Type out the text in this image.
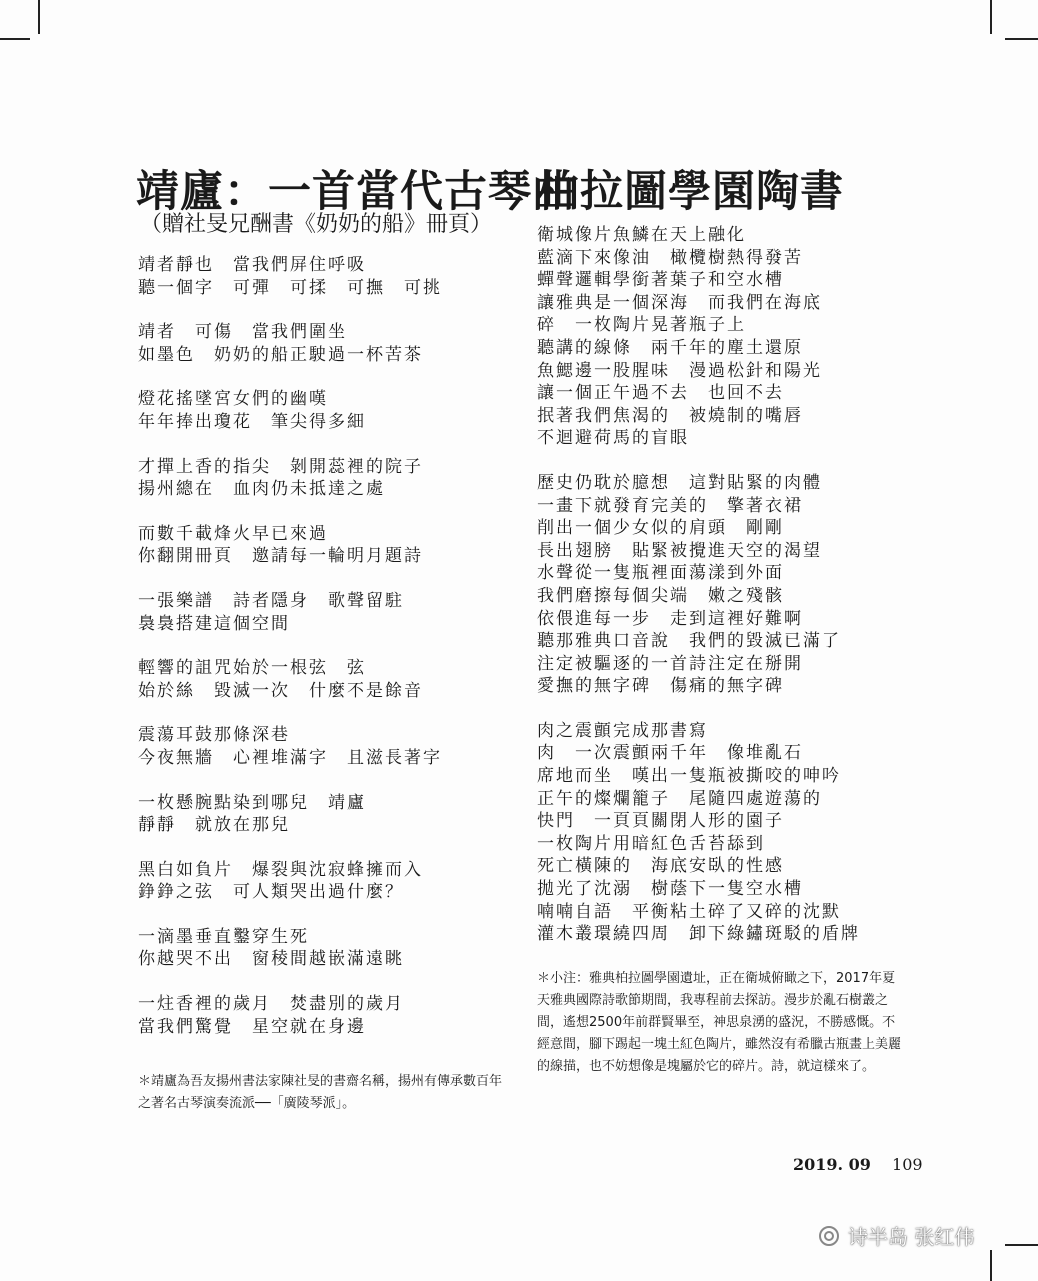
靖廬：一首當代古琴曲
柏拉圖學園陶書
（贈社旻兄酬書《奶奶的船》冊頁）
靖者靜也　當我們屏住呼吸
聽一個字　可彈　可揉　可撫　可挑
靖者　可傷　當我們圍坐
如墨色　奶奶的船正駛過一杯苦茶
燈花搖墜宮女們的幽嘆
年年捧出瓊花　筆尖得多細
才撣上香的指尖　剝開蕊裡的院子
揚州總在　血肉仍未抵達之處
而數千載烽火早已來過
你翻開冊頁　邀請每一輪明月題詩
一張樂譜　詩者隱身　歌聲留駐
裊裊搭建這個空間
輕響的詛咒始於一根弦　弦
始於絲　毀滅一次　什麼不是餘音
震蕩耳鼓那條深巷
今夜無牆　心裡堆滿字　且滋長著字
一枚懸腕點染到哪兒　靖廬
靜靜　就放在那兒
黑白如負片　爆裂與沈寂蜂擁而入
錚錚之弦　可人類哭出過什麼？
一滴墨垂直鑿穿生死
你越哭不出　窗稜間越嵌滿遠眺
一炷香裡的歲月　焚盡別的歲月
當我們驚覺　星空就在身邊

＊靖廬為吾友揚州書法家陳社旻的書齋名稱，揚州有傳承數百年之著名古琴演奏流派──「廣陵琴派」。

衛城像片魚鱗在天上融化
藍滴下來像油　橄欖樹熱得發苦
蟬聲邏輯學銜著葉子和空水槽
讓雅典是一個深海　而我們在海底
碎　一枚陶片晃著瓶子上
聽講的線條　兩千年的塵土還原
魚鰓邊一股腥味　漫過松針和陽光
讓一個正午過不去　也回不去
抿著我們焦渴的　被燒制的嘴唇
不迴避荷馬的盲眼
歷史仍耽於臆想　這對貼緊的肉體
一畫下就發育完美的　擎著衣裙
削出一個少女似的肩頭　剛剛
長出翅膀　貼緊被攪進天空的渴望
水聲從一隻瓶裡面蕩漾到外面
我們磨擦每個尖端　嫩之殘骸
依偎進每一步　走到這裡好難啊
聽那雅典口音說　我們的毀滅已滿了
注定被驅逐的一首詩注定在掰開
愛撫的無字碑　傷痛的無字碑
肉之震顫完成那書寫
肉　一次震顫兩千年　像堆亂石
席地而坐　嘆出一隻瓶被撕咬的呻吟
正午的燦爛籠子　尾隨四處遊蕩的
快門　一頁頁關閉人形的園子
一枚陶片用暗紅色舌苔舔到
死亡橫陳的　海底安臥的性感
拋光了沈溺　樹蔭下一隻空水槽
喃喃自語　平衡粘土碎了又碎的沈默
灌木叢環繞四周　卸下綠鏽斑駁的盾牌

＊小注：雅典柏拉圖學園遺址，正在衛城俯瞰之下，2017年夏天雅典國際詩歌節期間，我專程前去探訪。漫步於亂石樹叢之間，遙想2500年前群賢畢至，神思泉湧的盛況，不勝感慨。不經意間，腳下踢起一塊土紅色陶片，雖然沒有希臘古瓶畫上美麗的線描，也不妨想像是塊屬於它的碎片。詩，就這樣來了。

2019. 09 109
诗半岛 张红伟
